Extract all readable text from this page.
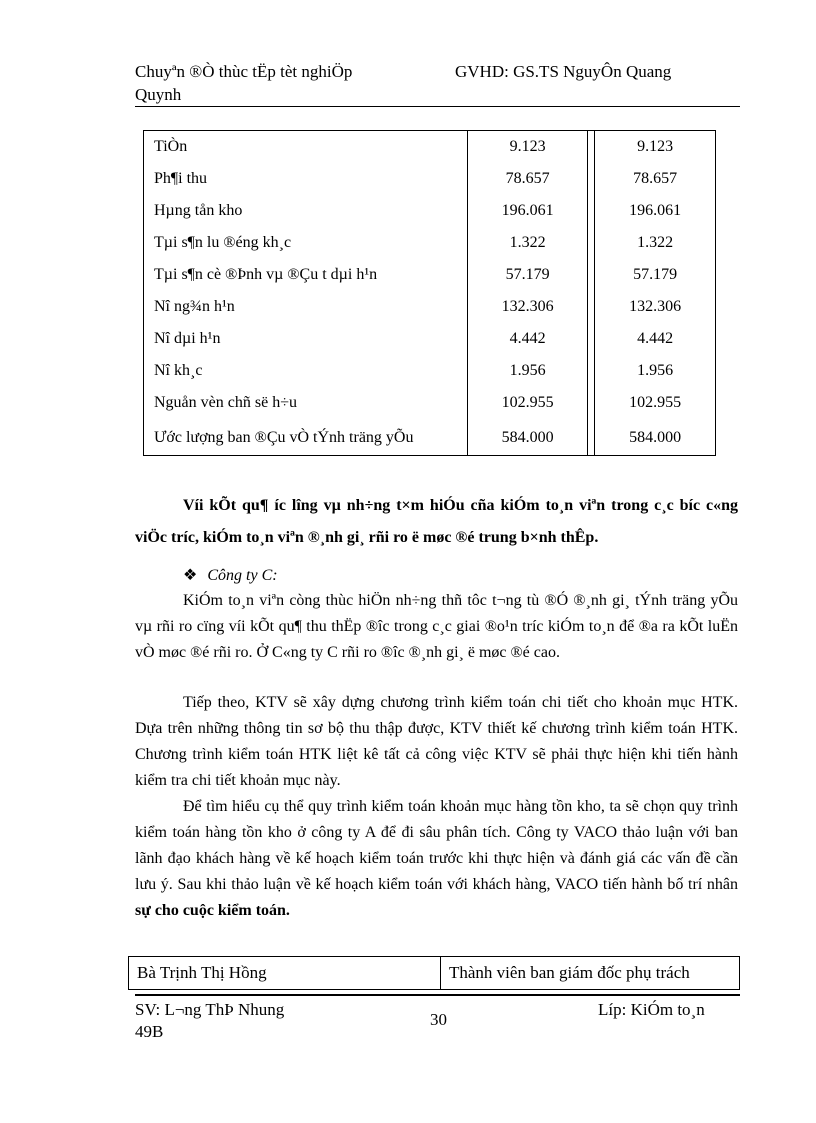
Chuyªn ®Ò thùc tËp tèt nghiÖp	GVHD: GS.TS NguyÔn Quang
Quynh
TiÒn	9.123		9.123
Ph¶i thu	78.657		78.657
Hµng tån kho	196.061		196.061
Tµi s¶n lu ®éng kh¸c	1.322		1.322
Tµi s¶n cè ®Þnh vµ ®Çu t dµi h¹n	57.179		57.179
Nî ng¾n h¹n	132.306		132.306
Nî dµi h¹n	4.442		4.442
Nî kh¸c	1.956		1.956
Nguån vèn chñ së h÷u	102.955		102.955
Ước lượng ban ®Çu vÒ tÝnh träng yÕu	584.000		584.000
Víi kÕt qu¶ íc lîng vµ nh÷ng t×m hiÓu cña kiÓm to¸n viªn trong c¸c bíc c«ng viÖc tríc, kiÓm to¸n viªn ®¸nh gi¸ rñi ro ë møc ®é trung b×nh thÊp.
❖ Công ty C:
KiÓm to¸n viªn còng thùc hiÖn nh÷ng thñ tôc t¬ng tù ®Ó ®¸nh gi¸ tÝnh träng yÕu vµ rñi ro cïng víi kÕt qu¶ thu thËp ®îc trong c¸c giai ®o¹n tríc kiÓm to¸n để ®a ra kÕt luËn vÒ møc ®é rñi ro. Ở C«ng ty C rñi ro ®îc ®¸nh gi¸ ë møc ®é cao.
Tiếp theo, KTV sẽ xây dựng chương trình kiểm toán chi tiết cho khoản mục HTK. Dựa trên những thông tin sơ bộ thu thập được, KTV thiết kế chương trình kiểm toán HTK. Chương trình kiểm toán HTK liệt kê tất cả công việc KTV sẽ phải thực hiện khi tiến hành kiểm tra chi tiết khoản mục này.
Để tìm hiểu cụ thể quy trình kiểm toán khoản mục hàng tồn kho, ta sẽ chọn quy trình kiểm toán hàng tồn kho ở công ty A để đi sâu phân tích. Công ty VACO thảo luận với ban lãnh đạo khách hàng về kế hoạch kiểm toán trước khi thực hiện và đánh giá các vấn đề cần lưu ý. Sau khi thảo luận về kế hoạch kiểm toán với khách hàng, VACO tiến hành bố trí nhân sự cho cuộc kiểm toán.
Bà Trịnh Thị Hồng	Thành viên ban giám đốc phụ trách
SV: L¬ng ThÞ Nhung
49B
30
Líp: KiÓm to¸n
